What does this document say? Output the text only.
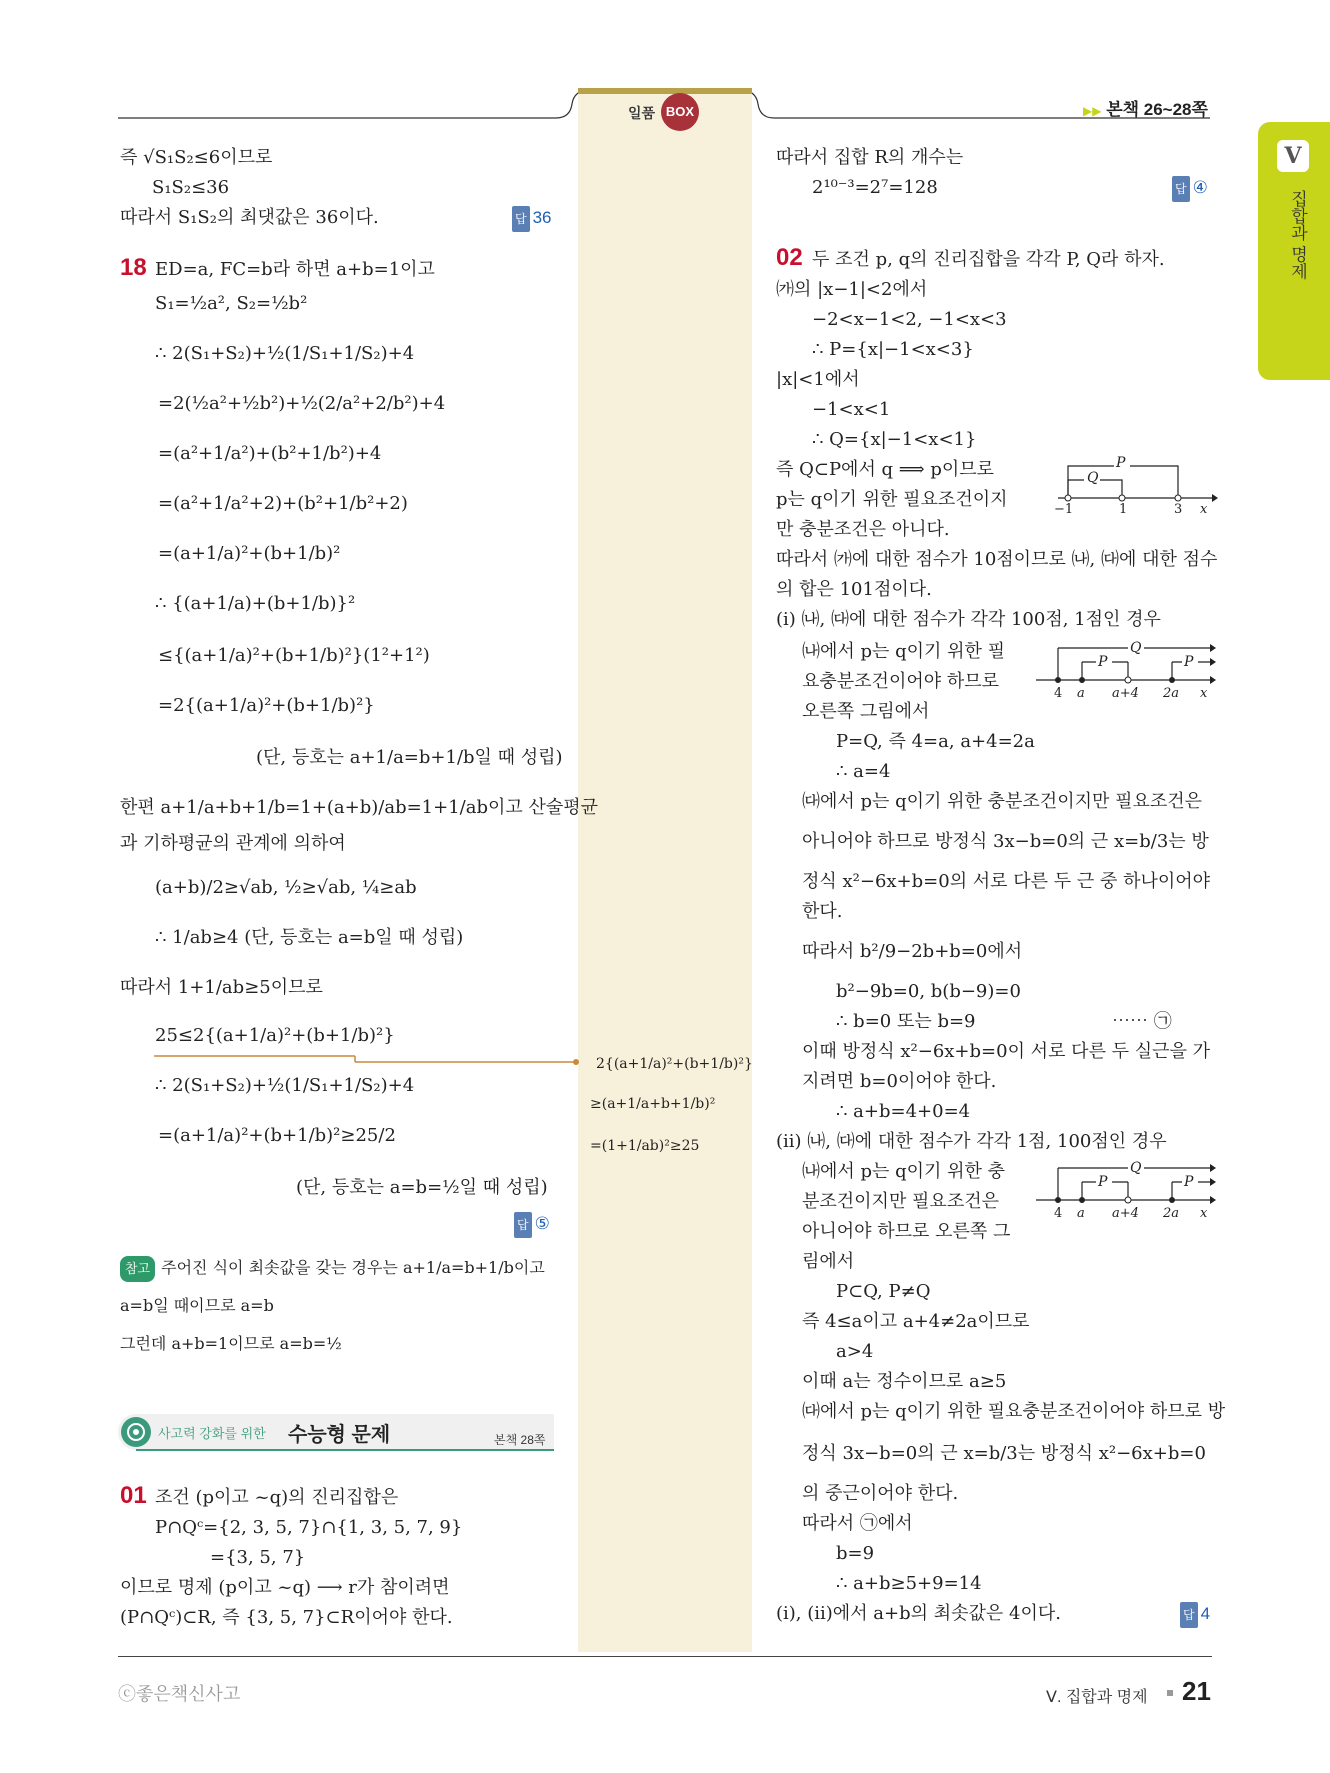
일품 BOX	▶▶ 본책 26~28쪽
V
집합과 명제
즉 √S₁S₂≤6이므로
S₁S₂≤36
따라서 S₁S₂의 최댓값은 36이다.	답 36
18 ED=a, FC=b라 하면 a+b=1이고
S₁=½a², S₂=½b²
∴ 2(S₁+S₂)+½(1/S₁+1/S₂)+4
=2(½a²+½b²)+½(2/a²+2/b²)+4
=(a²+1/a²)+(b²+1/b²)+4
=(a²+1/a²+2)+(b²+1/b²+2)
=(a+1/a)²+(b+1/b)²
∴ {(a+1/a)+(b+1/b)}²
≤{(a+1/a)²+(b+1/b)²}(1²+1²)
=2{(a+1/a)²+(b+1/b)²}
(단, 등호는 a+1/a=b+1/b일 때 성립)
한편 a+1/a+b+1/b=1+(a+b)/ab=1+1/ab이고 산술평균
과 기하평균의 관계에 의하여
(a+b)/2≥√ab, ½≥√ab, ¼≥ab
∴ 1/ab≥4 (단, 등호는 a=b일 때 성립)
따라서 1+1/ab≥5이므로
25≤2{(a+1/a)²+(b+1/b)²}
∴ 2(S₁+S₂)+½(1/S₁+1/S₂)+4
=(a+1/a)²+(b+1/b)²≥25/2
(단, 등호는 a=b=½일 때 성립)
답 ⑤
참고 주어진 식이 최솟값을 갖는 경우는 a+1/a=b+1/b이고
a=b일 때이므로 a=b
그런데 a+b=1이므로 a=b=½
사고력 강화를 위한 수능형 문제	본책 28쪽
01 조건 (p이고 ~q)의 진리집합은
P∩Qᶜ={2, 3, 5, 7}∩{1, 3, 5, 7, 9}
={3, 5, 7}
이므로 명제 (p이고 ~q) ⟶ r가 참이려면
(P∩Qᶜ)⊂R, 즉 {3, 5, 7}⊂R이어야 한다.
2{(a+1/a)²+(b+1/b)²}
≥(a+1/a+b+1/b)²
=(1+1/ab)²≥25
따라서 집합 R의 개수는
2¹⁰⁻³=2⁷=128	답 ④
02 두 조건 p, q의 진리집합을 각각 P, Q라 하자.
㈎의 |x−1|<2에서
−2<x−1<2, −1<x<3
∴ P={x|−1<x<3}
|x|<1에서
−1<x<1
∴ Q={x|−1<x<1}
즉 Q⊂P에서 q ⟹ p이므로
p는 q이기 위한 필요조건이지
만 충분조건은 아니다.
P
Q
−1	1	3 x
따라서 ㈎에 대한 점수가 10점이므로 ㈏, ㈐에 대한 점수
의 합은 101점이다.
(ⅰ) ㈏, ㈐에 대한 점수가 각각 100점, 1점인 경우
㈏에서 p는 q이기 위한 필
요충분조건이어야 하므로
오른쪽 그림에서
Q
P	P
4 a a+4 2a x
P=Q, 즉 4=a, a+4=2a
∴ a=4
㈐에서 p는 q이기 위한 충분조건이지만 필요조건은
아니어야 하므로 방정식 3x−b=0의 근 x=b/3는 방
정식 x²−6x+b=0의 서로 다른 두 근 중 하나이어야
한다.
따라서 b²/9−2b+b=0에서
b²−9b=0, b(b−9)=0
∴ b=0 또는 b=9	⋯⋯ ㉠
이때 방정식 x²−6x+b=0이 서로 다른 두 실근을 가
지려면 b=0이어야 한다.
∴ a+b=4+0=4
(ⅱ) ㈏, ㈐에 대한 점수가 각각 1점, 100점인 경우
㈏에서 p는 q이기 위한 충
분조건이지만 필요조건은
아니어야 하므로 오른쪽 그
림에서
Q
P	P
4 a a+4 2a x
P⊂Q, P≠Q
즉 4≤a이고 a+4≠2a이므로
a>4
이때 a는 정수이므로 a≥5
㈐에서 p는 q이기 위한 필요충분조건이어야 하므로 방
정식 3x−b=0의 근 x=b/3는 방정식 x²−6x+b=0
의 중근이어야 한다.
따라서 ㉠에서
b=9
∴ a+b≥5+9=14
(ⅰ), (ⅱ)에서 a+b의 최솟값은 4이다.	답 4
ⓒ좋은책신사고	Ⅴ. 집합과 명제 21
